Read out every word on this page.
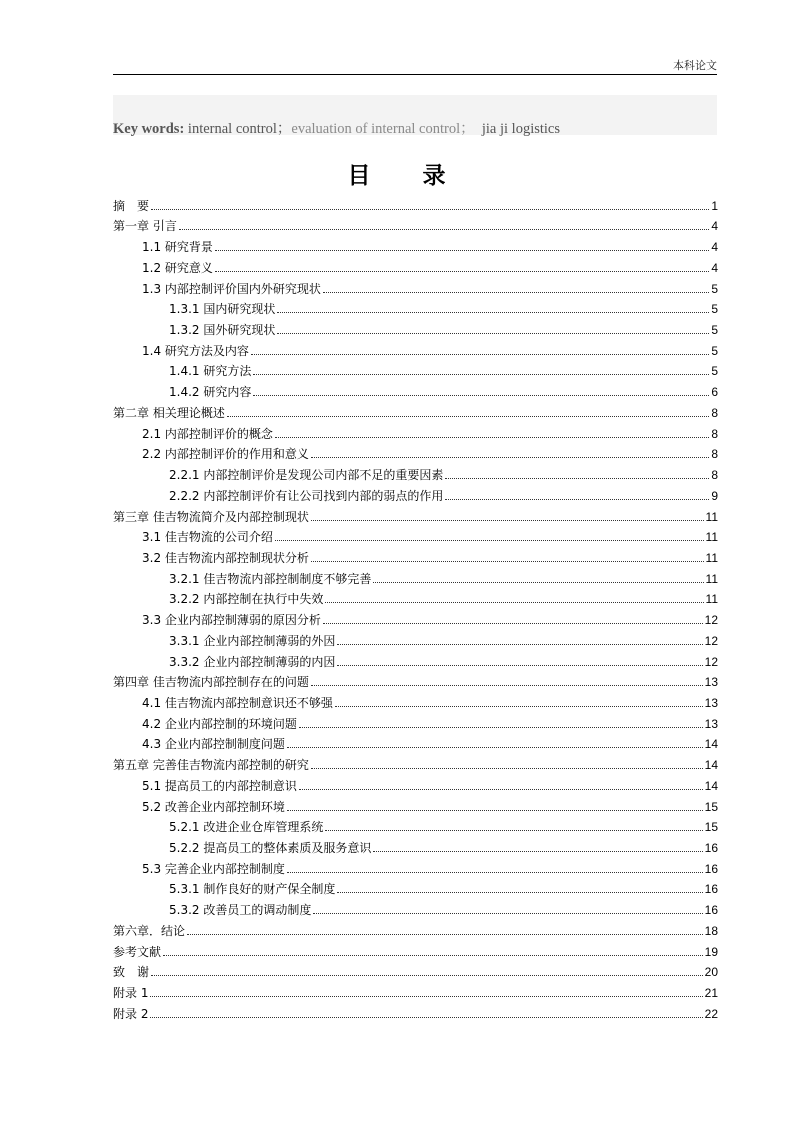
本科论文
Key words: internal control；evaluation of internal control； jia ji logistics
目 录
摘　要	1
第一章 引言	4
1.1 研究背景	4
1.2 研究意义	4
1.3 内部控制评价国内外研究现状	5
1.3.1 国内研究现状	5
1.3.2 国外研究现状	5
1.4 研究方法及内容	5
1.4.1 研究方法	5
1.4.2 研究内容	6
第二章 相关理论概述	8
2.1 内部控制评价的概念	8
2.2 内部控制评价的作用和意义	8
2.2.1 内部控制评价是发现公司内部不足的重要因素	8
2.2.2 内部控制评价有让公司找到内部的弱点的作用	9
第三章 佳吉物流简介及内部控制现状	11
3.1 佳吉物流的公司介绍	11
3.2 佳吉物流内部控制现状分析	11
3.2.1 佳吉物流内部控制制度不够完善	11
3.2.2 内部控制在执行中失效	11
3.3 企业内部控制薄弱的原因分析	12
3.3.1 企业内部控制薄弱的外因	12
3.3.2 企业内部控制薄弱的内因	12
第四章 佳吉物流内部控制存在的问题	13
4.1 佳吉物流内部控制意识还不够强	13
4.2 企业内部控制的环境问题	13
4.3 企业内部控制制度问题	14
第五章 完善佳吉物流内部控制的研究	14
5.1 提高员工的内部控制意识	14
5.2 改善企业内部控制环境	15
5.2.1 改进企业仓库管理系统	15
5.2.2 提高员工的整体素质及服务意识	16
5.3 完善企业内部控制制度	16
5.3.1 制作良好的财产保全制度	16
5.3.2 改善员工的调动制度	16
第六章．结论	18
参考文献	19
致　谢	20
附录 1	21
附录 2	22
